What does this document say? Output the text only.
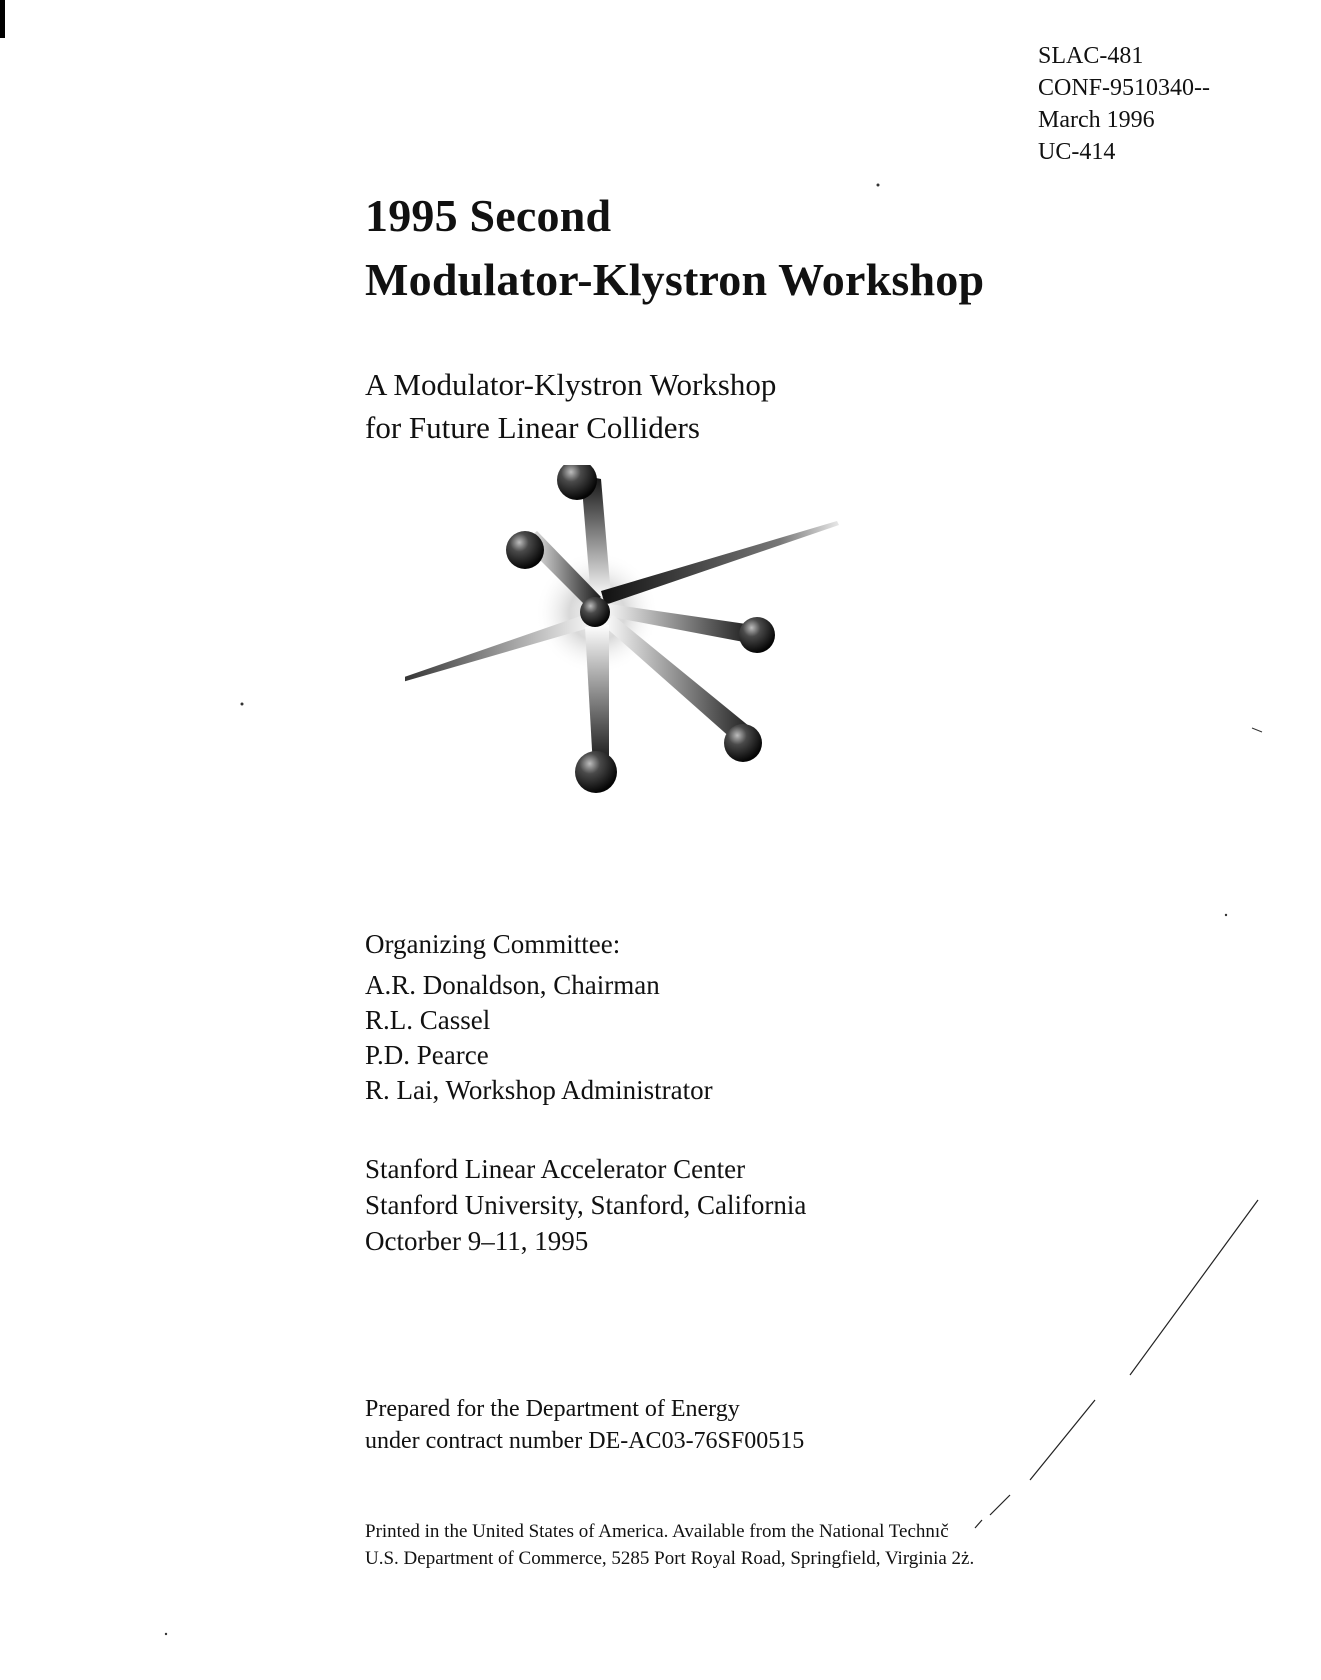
SLAC-481
CONF-9510340--
March 1996
UC-414
1995 Second
Modulator-Klystron Workshop
A Modulator-Klystron Workshop
for Future Linear Colliders
Organizing Committee:
A.R. Donaldson, Chairman
R.L. Cassel
P.D. Pearce
R. Lai, Workshop Administrator
Stanford Linear Accelerator Center
Stanford University, Stanford, California
Octorber 9–11, 1995
Prepared for the Department of Energy
under contract number DE-AC03-76SF00515
Printed in the United States of America. Available from the National Technıč
U.S. Department of Commerce, 5285 Port Royal Road, Springfield, Virginia 2ż.
